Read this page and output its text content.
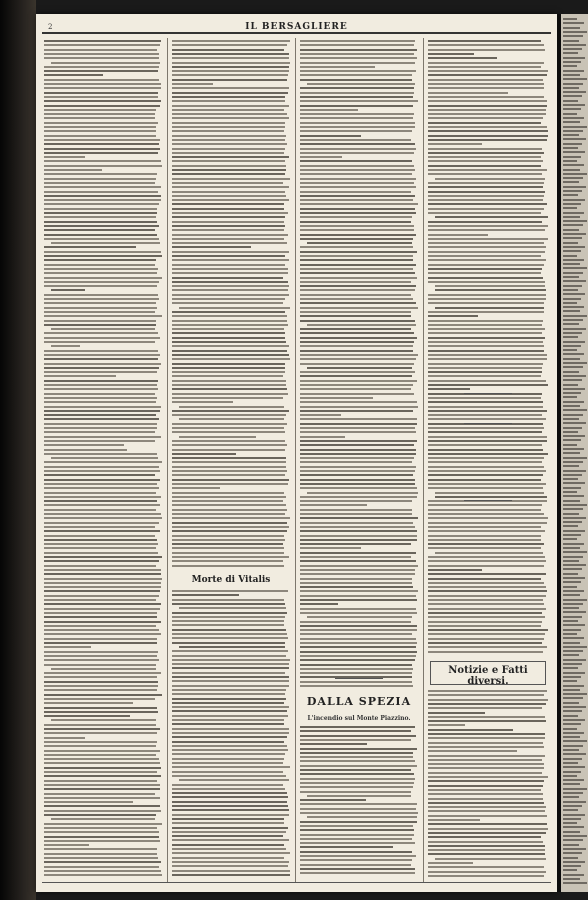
2	IL BERSAGLIERE
Morte di Vitalis
DALLA SPEZIA
L'incendio sul Monte Piazzino.
Notizie e Fatti diversi.
